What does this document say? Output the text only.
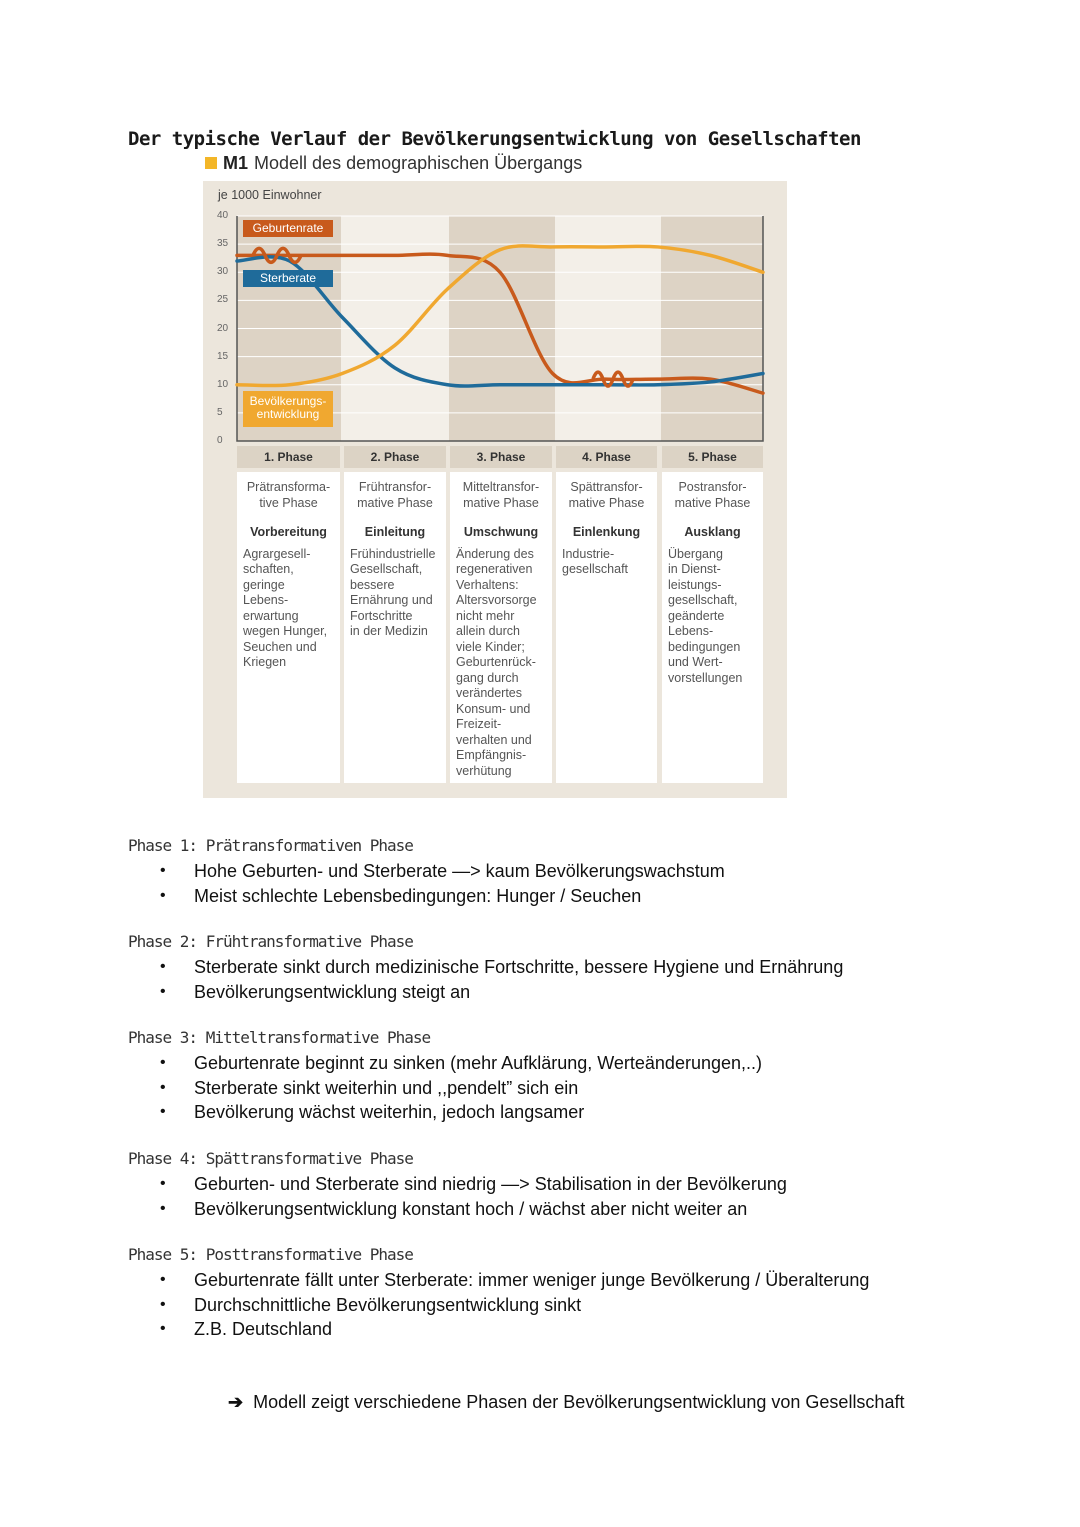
Der typische Verlauf der Bevölkerungsentwicklung von Gesellschaften
M1 Modell des demographischen Übergangs
je 1000 Einwohner
40
35
30
25
20
15
10
5
0
Geburtenrate
Sterberate
Bevölkerungs-
entwicklung
1. Phase
Prätransforma-
tive Phase
Vorbereitung
Agrargesell-
schaften,
geringe
Lebens-
erwartung
wegen Hunger,
Seuchen und
Kriegen
2. Phase
Frühtransfor-
mative Phase
Einleitung
Frühindustrielle
Gesellschaft,
bessere
Ernährung und
Fortschritte
in der Medizin
3. Phase
Mitteltransfor-
mative Phase
Umschwung
Änderung des
regenerativen
Verhaltens:
Altersvorsorge
nicht mehr
allein durch
viele Kinder;
Geburtenrück-
gang durch
verändertes
Konsum- und
Freizeit-
verhalten und
Empfängnis-
verhütung
4. Phase
Spättransfor-
mative Phase
Einlenkung
Industrie-
gesellschaft
5. Phase
Postransfor-
mative Phase
Ausklang
Übergang
in Dienst-
leistungs-
gesellschaft,
geänderte
Lebens-
bedingungen
und Wert-
vorstellungen
Phase 1: Prätransformativen Phase
• Hohe Geburten- und Sterberate —> kaum Bevölkerungswachstum
• Meist schlechte Lebensbedingungen: Hunger / Seuchen
Phase 2: Frühtransformative Phase
• Sterberate sinkt durch medizinische Fortschritte, bessere Hygiene und Ernährung
• Bevölkerungsentwicklung steigt an
Phase 3: Mitteltransformative Phase
• Geburtenrate beginnt zu sinken (mehr Aufklärung, Werteänderungen,..)
• Sterberate sinkt weiterhin und ,,pendelt” sich ein
• Bevölkerung wächst weiterhin, jedoch langsamer
Phase 4: Spättransformative Phase
• Geburten- und Sterberate sind niedrig —> Stabilisation in der Bevölkerung
• Bevölkerungsentwicklung konstant hoch / wächst aber nicht weiter an
Phase 5: Posttransformative Phase
• Geburtenrate fällt unter Sterberate: immer weniger junge Bevölkerung / Überalterung
• Durchschnittliche Bevölkerungsentwicklung sinkt
• Z.B. Deutschland
➔ Modell zeigt verschiedene Phasen der Bevölkerungsentwicklung von Gesellschaft
